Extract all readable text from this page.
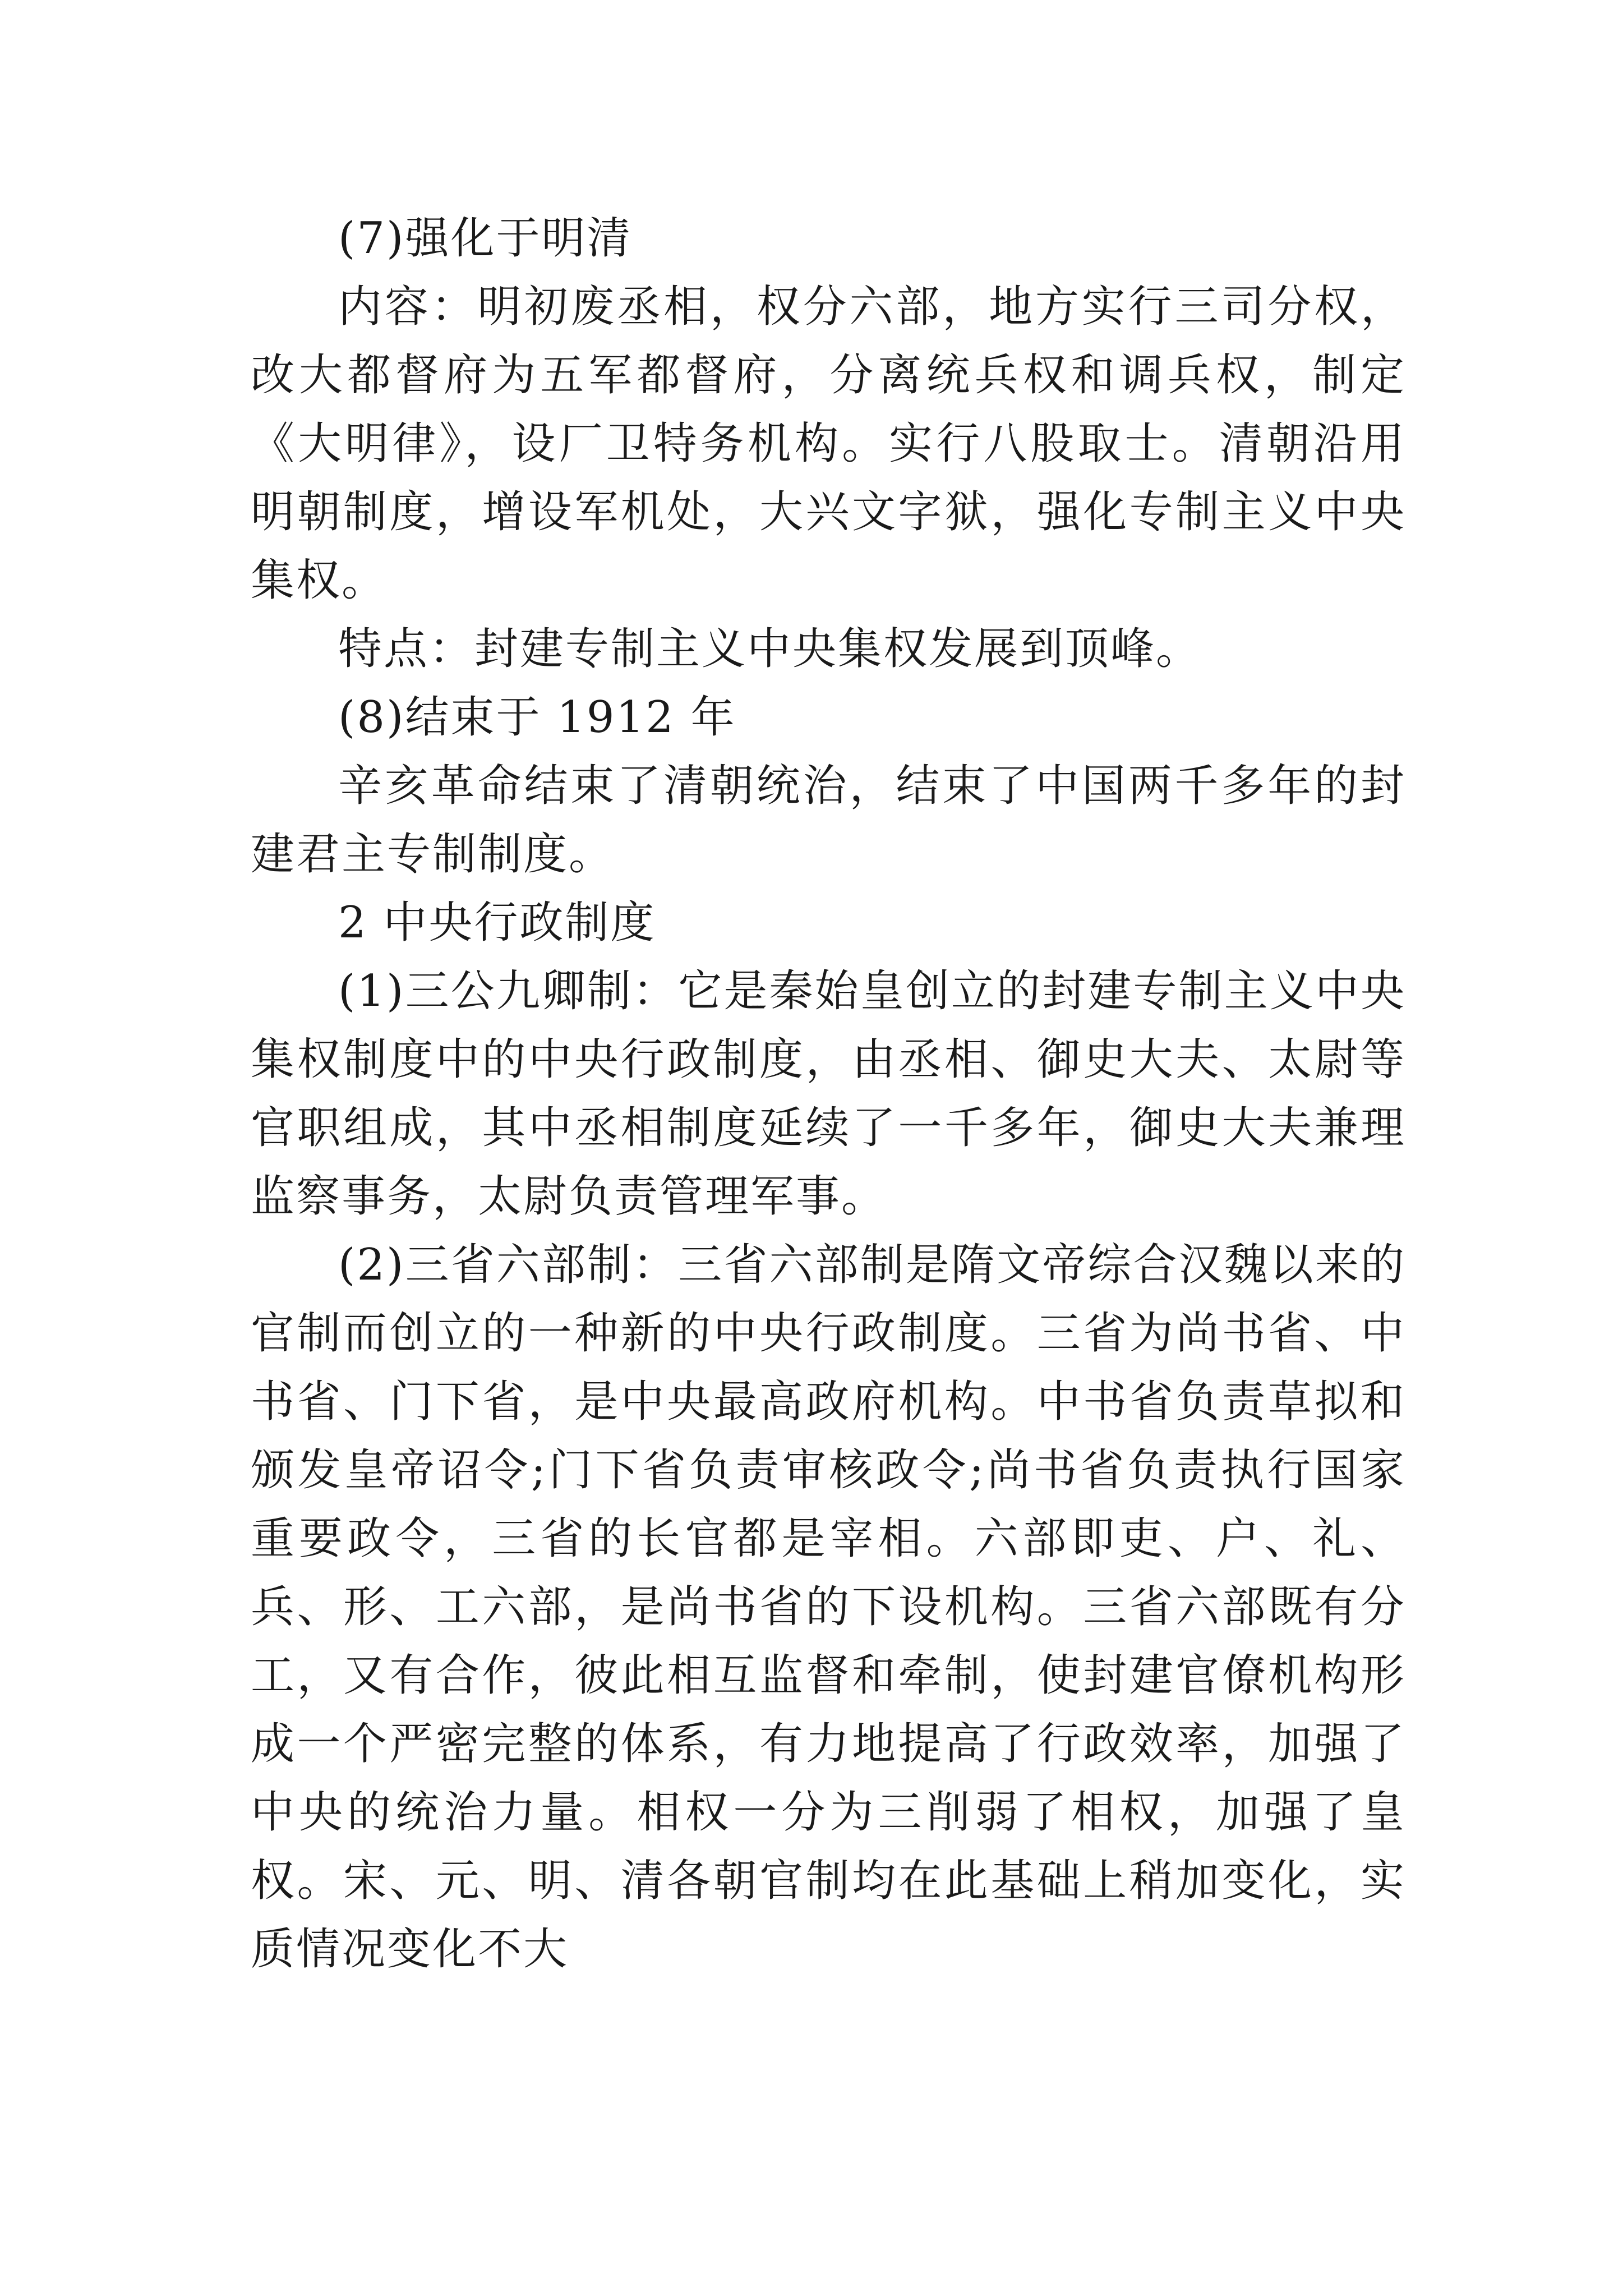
(7)强化于明清

内容：明初废丞相，权分六部，地方实行三司分权，改大都督府为五军都督府，分离统兵权和调兵权，制定《大明律》，设厂卫特务机构。实行八股取士。清朝沿用明朝制度，增设军机处，大兴文字狱，强化专制主义中央集权。

特点：封建专制主义中央集权发展到顶峰。

(8)结束于 1912 年

辛亥革命结束了清朝统治，结束了中国两千多年的封建君主专制制度。

2 中央行政制度

(1)三公九卿制：它是秦始皇创立的封建专制主义中央集权制度中的中央行政制度，由丞相、御史大夫、太尉等官职组成，其中丞相制度延续了一千多年，御史大夫兼理监察事务，太尉负责管理军事。

(2)三省六部制：三省六部制是隋文帝综合汉魏以来的官制而创立的一种新的中央行政制度。三省为尚书省、中书省、门下省，是中央最高政府机构。中书省负责草拟和颁发皇帝诏令;门下省负责审核政令;尚书省负责执行国家重要政令，三省的长官都是宰相。六部即吏、户、礼、兵、形、工六部，是尚书省的下设机构。三省六部既有分工，又有合作，彼此相互监督和牵制，使封建官僚机构形成一个严密完整的体系，有力地提高了行政效率，加强了中央的统治力量。相权一分为三削弱了相权，加强了皇权。宋、元、明、清各朝官制均在此基础上稍加变化，实质情况变化不大
